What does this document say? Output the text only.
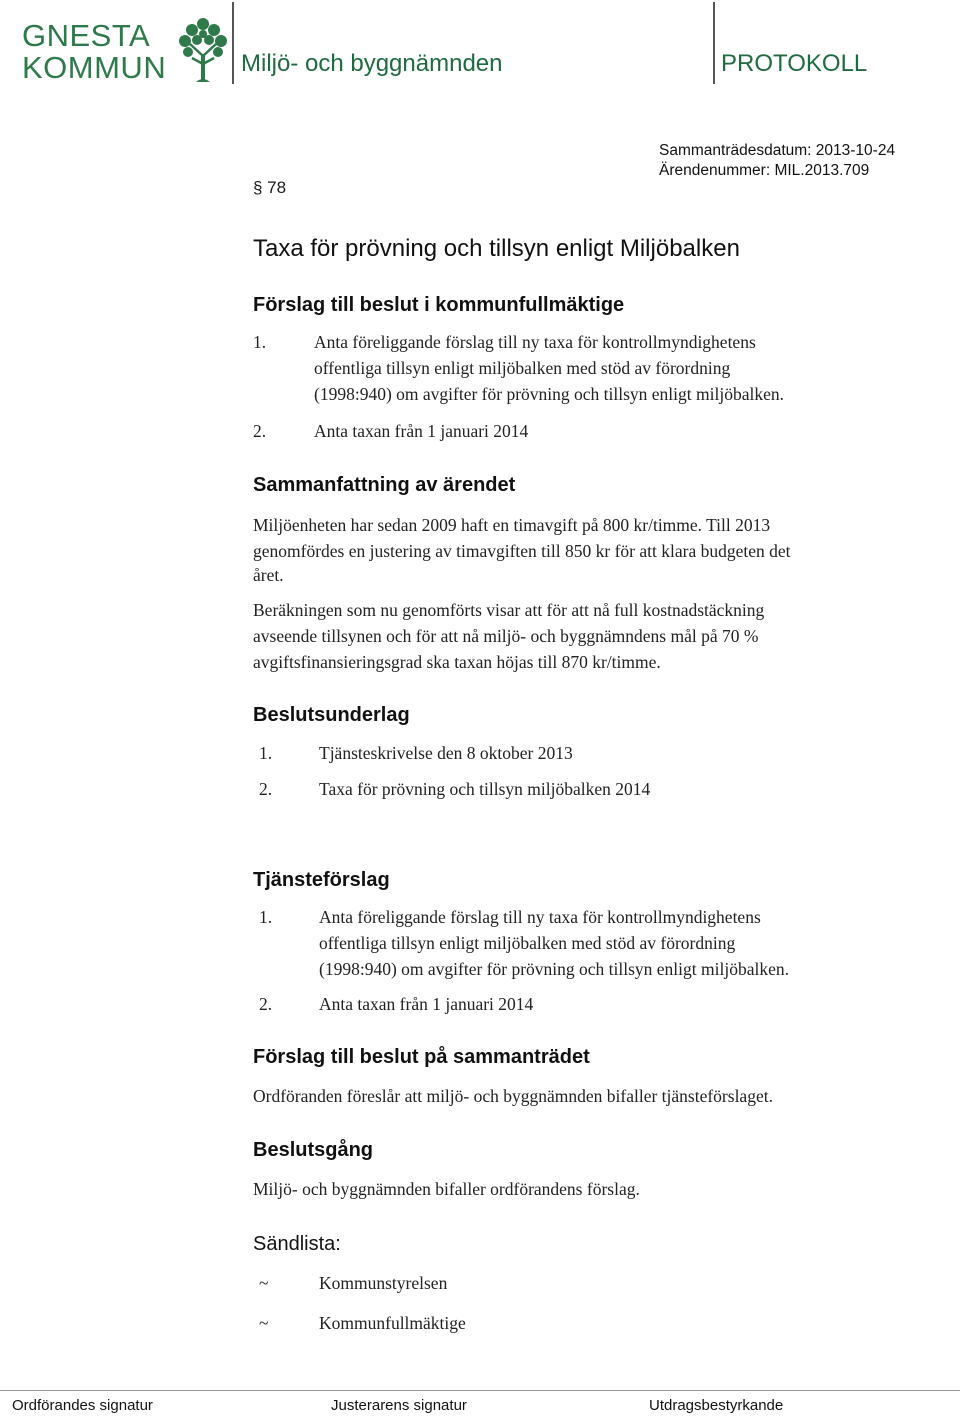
GNESTA
KOMMUN	Miljö- och byggnämnden	PROTOKOLL
Sammanträdesdatum: 2013-10-24
Ärendenummer: MIL.2013.709
§ 78
Taxa för prövning och tillsyn enligt Miljöbalken
Förslag till beslut i kommunfullmäktige
1.	Anta föreliggande förslag till ny taxa för kontrollmyndighetens
offentliga tillsyn enligt miljöbalken med stöd av förordning
(1998:940) om avgifter för prövning och tillsyn enligt miljöbalken.
2.	Anta taxan från 1 januari 2014
Sammanfattning av ärendet
Miljöenheten har sedan 2009 haft en timavgift på 800 kr/timme. Till 2013
genomfördes en justering av timavgiften till 850 kr för att klara budgeten det
året.
Beräkningen som nu genomförts visar att för att nå full kostnadstäckning
avseende tillsynen och för att nå miljö- och byggnämndens mål på 70 %
avgiftsfinansieringsgrad ska taxan höjas till 870 kr/timme.
Beslutsunderlag
1.	Tjänsteskrivelse den 8 oktober 2013
2.	Taxa för prövning och tillsyn miljöbalken 2014
Tjänsteförslag
1.	Anta föreliggande förslag till ny taxa för kontrollmyndighetens
offentliga tillsyn enligt miljöbalken med stöd av förordning
(1998:940) om avgifter för prövning och tillsyn enligt miljöbalken.
2.	Anta taxan från 1 januari 2014
Förslag till beslut på sammanträdet
Ordföranden föreslår att miljö- och byggnämnden bifaller tjänsteförslaget.
Beslutsgång
Miljö- och byggnämnden bifaller ordförandens förslag.
Sändlista:
~	Kommunstyrelsen
~	Kommunfullmäktige
Ordförandes signatur	Justerarens signatur	Utdragsbestyrkande
